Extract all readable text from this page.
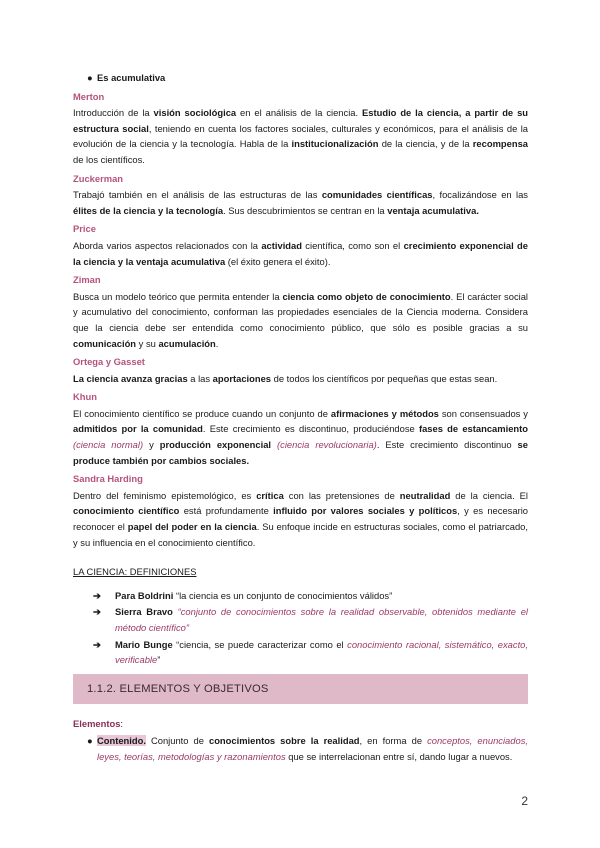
● Es acumulativa
Merton

Introducción de la visión sociológica en el análisis de la ciencia. Estudio de la ciencia, a partir de su estructura social, teniendo en cuenta los factores sociales, culturales y económicos, para el análisis de la evolución de la ciencia y la tecnología. Habla de la institucionalización de la ciencia, y de la recompensa de los científicos.

Zuckerman

Trabajó también en el análisis de las estructuras de las comunidades científicas, focalizándose en las élites de la ciencia y la tecnología. Sus descubrimientos se centran en la ventaja acumulativa.

Price

Aborda varios aspectos relacionados con la actividad científica, como son el crecimiento exponencial de la ciencia y la ventaja acumulativa (el éxito genera el éxito).

Ziman

Busca un modelo teórico que permita entender la ciencia como objeto de conocimiento. El carácter social y acumulativo del conocimiento, conforman las propiedades esenciales de la Ciencia moderna. Considera que la ciencia debe ser entendida como conocimiento público, que sólo es posible gracias a su comunicación y su acumulación.

Ortega y Gasset

La ciencia avanza gracias a las aportaciones de todos los científicos por pequeñas que estas sean.

Khun

El conocimiento científico se produce cuando un conjunto de afirmaciones y métodos son consensuados y admitidos por la comunidad. Este crecimiento es discontinuo, produciéndose fases de estancamiento (ciencia normal) y producción exponencial (ciencia revolucionaria). Este crecimiento discontinuo se produce también por cambios sociales.

Sandra Harding

Dentro del feminismo epistemológico, es crítica con las pretensiones de neutralidad de la ciencia. El conocimiento científico está profundamente influido por valores sociales y políticos, y es necesario reconocer el papel del poder en la ciencia. Su enfoque incide en estructuras sociales, como el patriarcado, y su influencia en el conocimiento científico.

LA CIENCIA: DEFINICIONES
➔ Para Boldrini “la ciencia es un conjunto de conocimientos válidos”
➔ Sierra Bravo “conjunto de conocimientos sobre la realidad observable, obtenidos mediante el método científico”
➔ Mario Bunge “ciencia, se puede caracterizar como el conocimiento racional, sistemático, exacto, verificable”
1.1.2. ELEMENTOS Y OBJETIVOS
Elementos:
● Contenido. Conjunto de conocimientos sobre la realidad, en forma de conceptos, enunciados, leyes, teorías, metodologías y razonamientos que se interrelacionan entre sí, dando lugar a nuevos.
2
